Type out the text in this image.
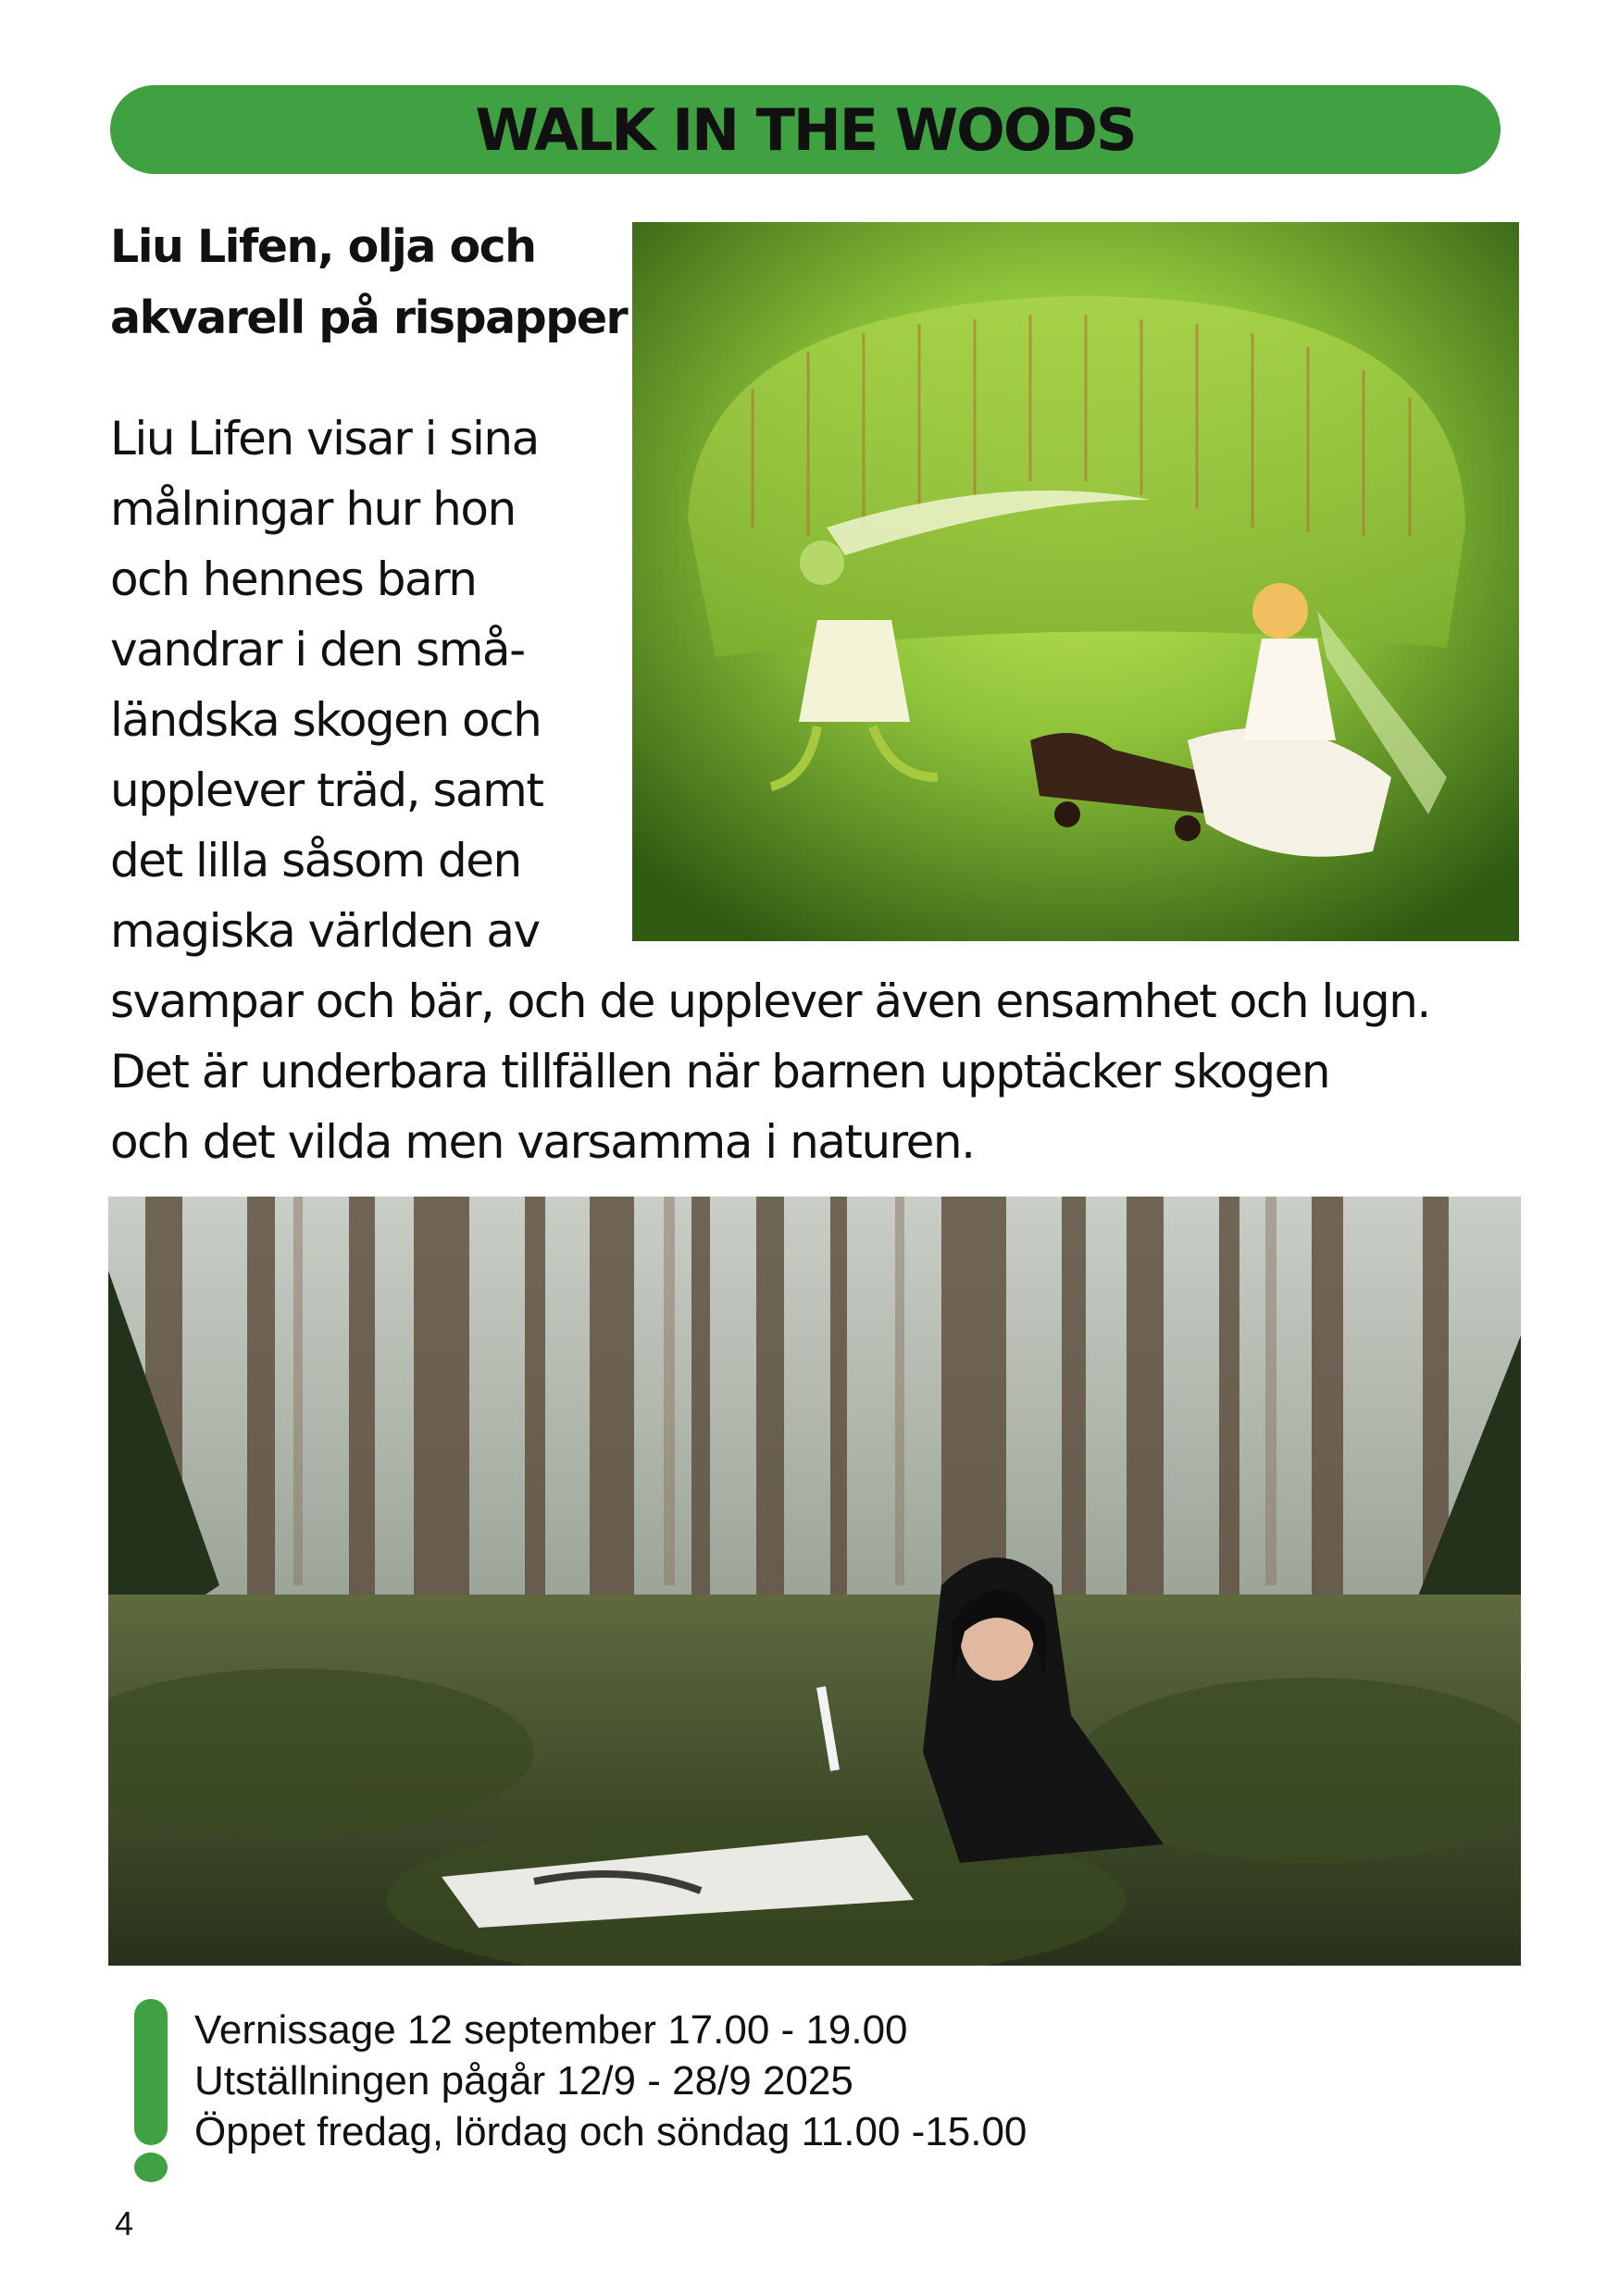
WALK IN THE WOODS
Liu Lifen, olja och
akvarell på rispapper
Liu Lifen visar i sina
målningar hur hon
och hennes barn
vandrar i den små-
ländska skogen och
upplever träd, samt
det lilla såsom den
magiska världen av
svampar och bär, och de upplever även ensamhet och lugn.
Det är underbara tillfällen när barnen upptäcker skogen
och det vilda men varsamma i naturen.
Vernissage 12 september 17.00 - 19.00
Utställningen pågår 12/9 - 28/9 2025
Öppet fredag, lördag och söndag 11.00 -15.00
4
